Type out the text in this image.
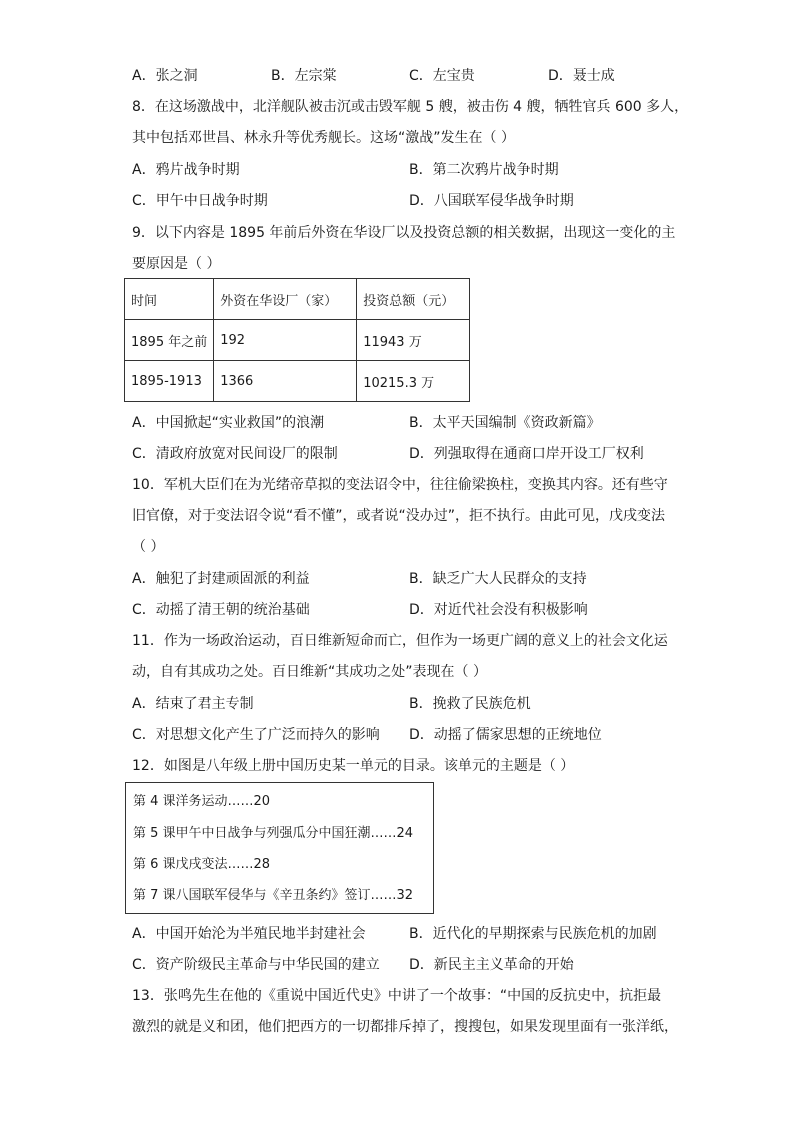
A．张之洞	B．左宗棠	C．左宝贵	D．聂士成
8．在这场激战中，北洋舰队被击沉或击毁军舰 5 艘，被击伤 4 艘，牺牲官兵 600 多人，
其中包括邓世昌、林永升等优秀舰长。这场“激战”发生在（ ）
A．鸦片战争时期	B．第二次鸦片战争时期
C．甲午中日战争时期	D．八国联军侵华战争时期
9．以下内容是 1895 年前后外资在华设厂以及投资总额的相关数据，出现这一变化的主
要原因是（ ）
时间	外资在华设厂（家）	投资总额（元）
1895 年之前	192	11943 万
1895-1913	1366	10215.3 万
A．中国掀起“实业救国”的浪潮	B．太平天国编制《资政新篇》
C．清政府放宽对民间设厂的限制	D．列强取得在通商口岸开设工厂权利
10．军机大臣们在为光绪帝草拟的变法诏令中，往往偷梁换柱，变换其内容。还有些守
旧官僚，对于变法诏令说“看不懂”，或者说“没办过”，拒不执行。由此可见，戊戌变法
（ ）
A．触犯了封建顽固派的利益	B．缺乏广大人民群众的支持
C．动摇了清王朝的统治基础	D．对近代社会没有积极影响
11．作为一场政治运动，百日维新短命而亡，但作为一场更广阔的意义上的社会文化运
动，自有其成功之处。百日维新“其成功之处”表现在（ ）
A．结束了君主专制	B．挽救了民族危机
C．对思想文化产生了广泛而持久的影响 D．动摇了儒家思想的正统地位
12．如图是八年级上册中国历史某一单元的目录。该单元的主题是（ ）
第 4 课洋务运动……20
第 5 课甲午中日战争与列强瓜分中国狂潮……24
第 6 课戊戌变法……28
第 7 课八国联军侵华与《辛丑条约》签订……32
A．中国开始沦为半殖民地半封建社会	B．近代化的早期探索与民族危机的加剧
C．资产阶级民主革命与中华民国的建立 D．新民主主义革命的开始
13．张鸣先生在他的《重说中国近代史》中讲了一个故事：“中国的反抗史中，抗拒最
激烈的就是义和团，他们把西方的一切都排斥掉了，搜搜包，如果发现里面有一张洋纸，
